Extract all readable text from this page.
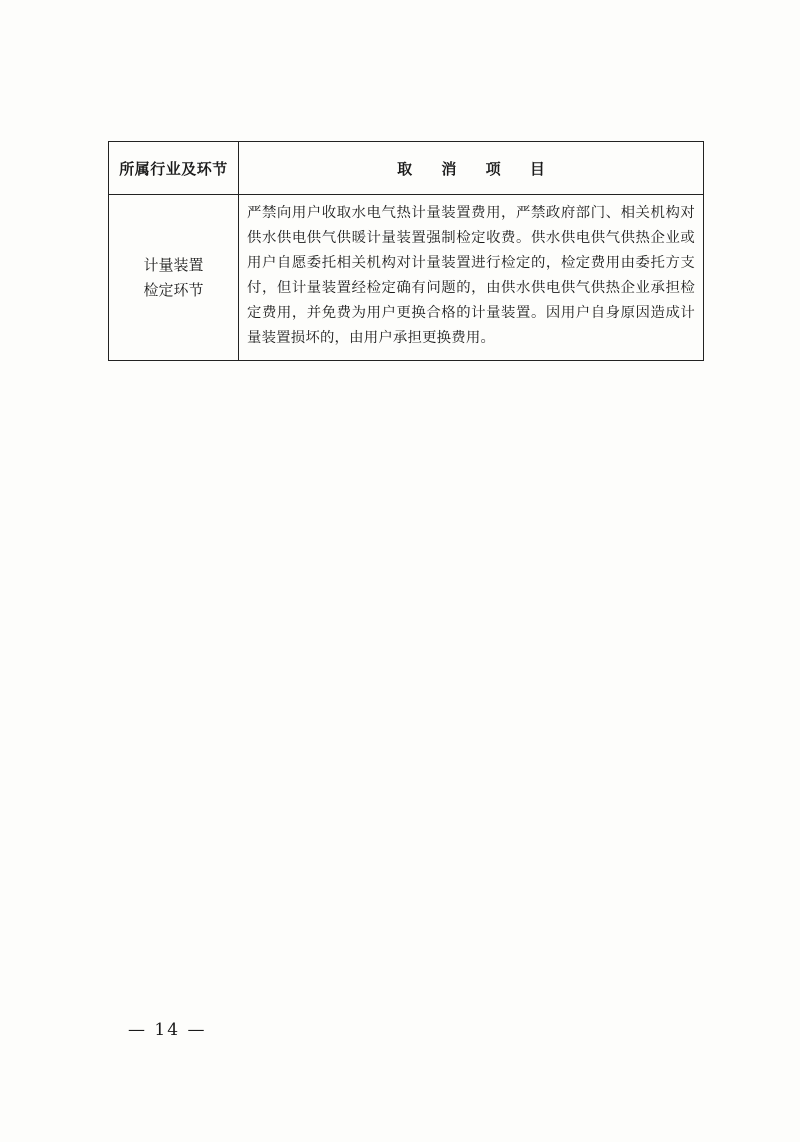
所属行业及环节	取 消 项 目

计量装置
检定环节	严禁向用户收取水电气热计量装置费用，严禁政府部门、相关机构对供水供电供气供暖计量装置强制检定收费。供水供电供气供热企业或用户自愿委托相关机构对计量装置进行检定的，检定费用由委托方支付，但计量装置经检定确有问题的，由供水供电供气供热企业承担检定费用，并免费为用户更换合格的计量装置。因用户自身原因造成计量装置损坏的，由用户承担更换费用。
— 14 —
